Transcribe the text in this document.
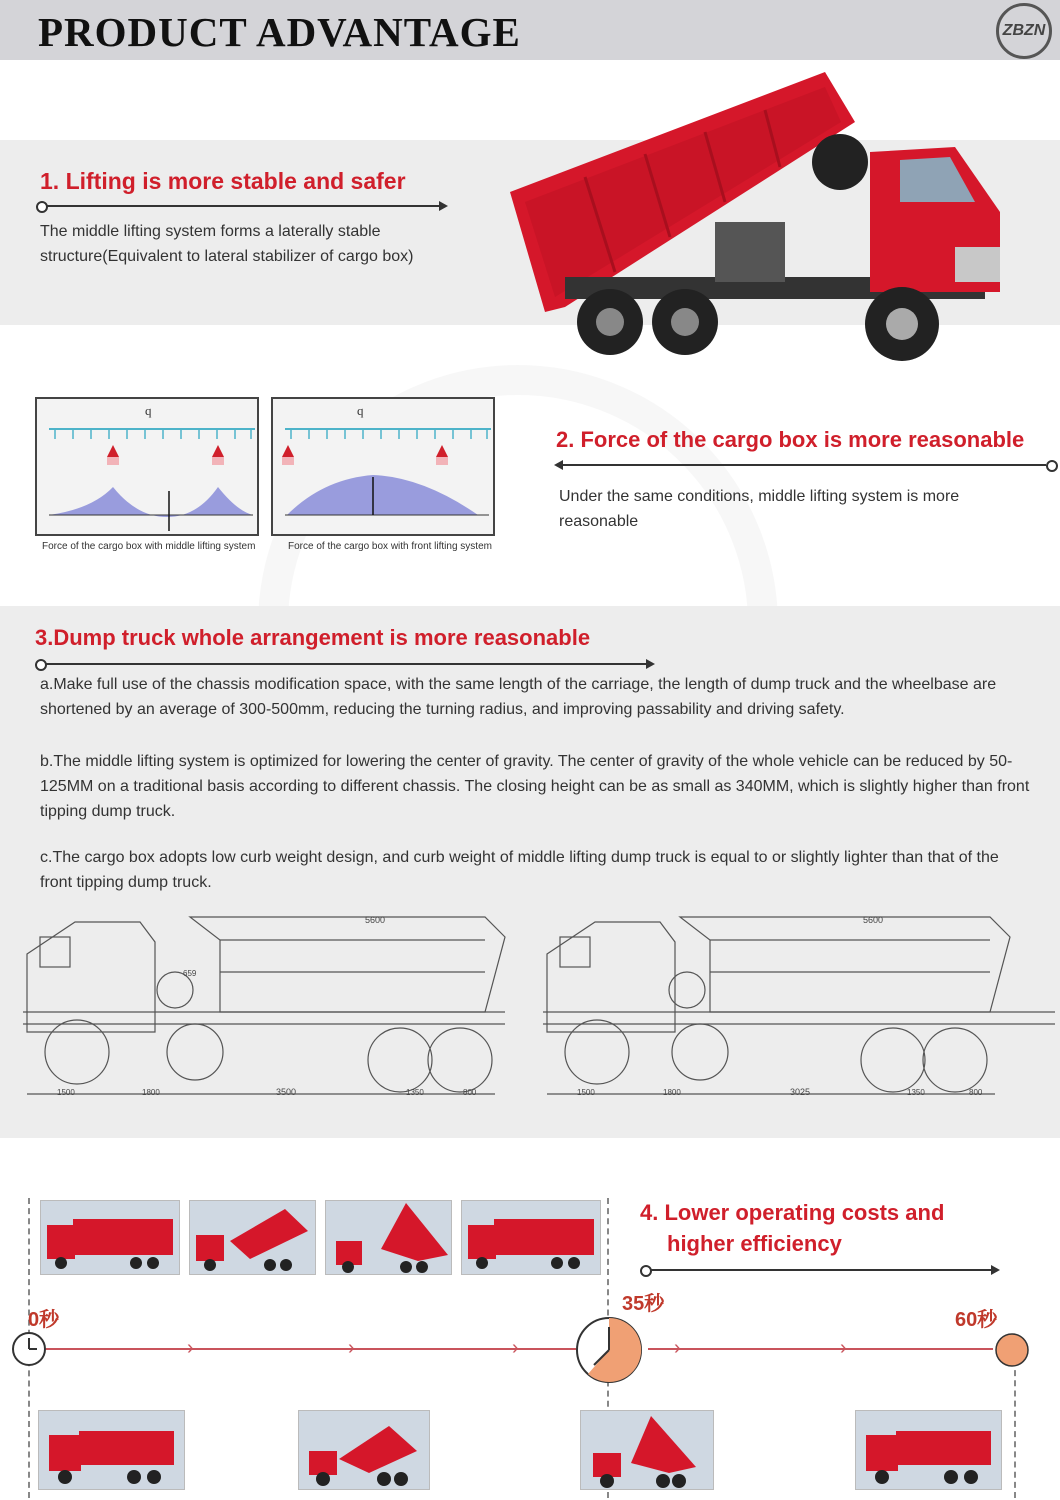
PRODUCT ADVANTAGE	ZBZN
1. Lifting is more stable and safer
The middle lifting system forms a laterally stable structure(Equivalent to lateral stabilizer of cargo box)
q
Force of the cargo box with middle lifting system
q
Force of the cargo box with front lifting system
2. Force of the cargo box is more reasonable
Under the same conditions, middle lifting system is more reasonable
3.Dump truck whole arrangement is more reasonable
a.Make full use of the chassis modification space, with the same length of the carriage, the length of dump truck and the wheelbase are shortened by an average of 300-500mm, reducing the turning radius, and improving passability and driving safety.
b.The middle lifting system is optimized for lowering the center of gravity. The center of gravity of the whole vehicle can be reduced by 50-125MM on a traditional basis according to different chassis. The closing height can be as small as 340MM, which is slightly higher than front tipping dump truck.
c.The cargo box adopts low curb weight design, and curb weight of middle lifting dump truck is equal to or slightly lighter than that of the front tipping dump truck.
5600
659
1500	1800	3500	1350	800
5600
1500	1800	3025	1350	800
4. Lower operating costs and
higher efficiency
0秒
35秒
60秒
›	›	›	›	›
